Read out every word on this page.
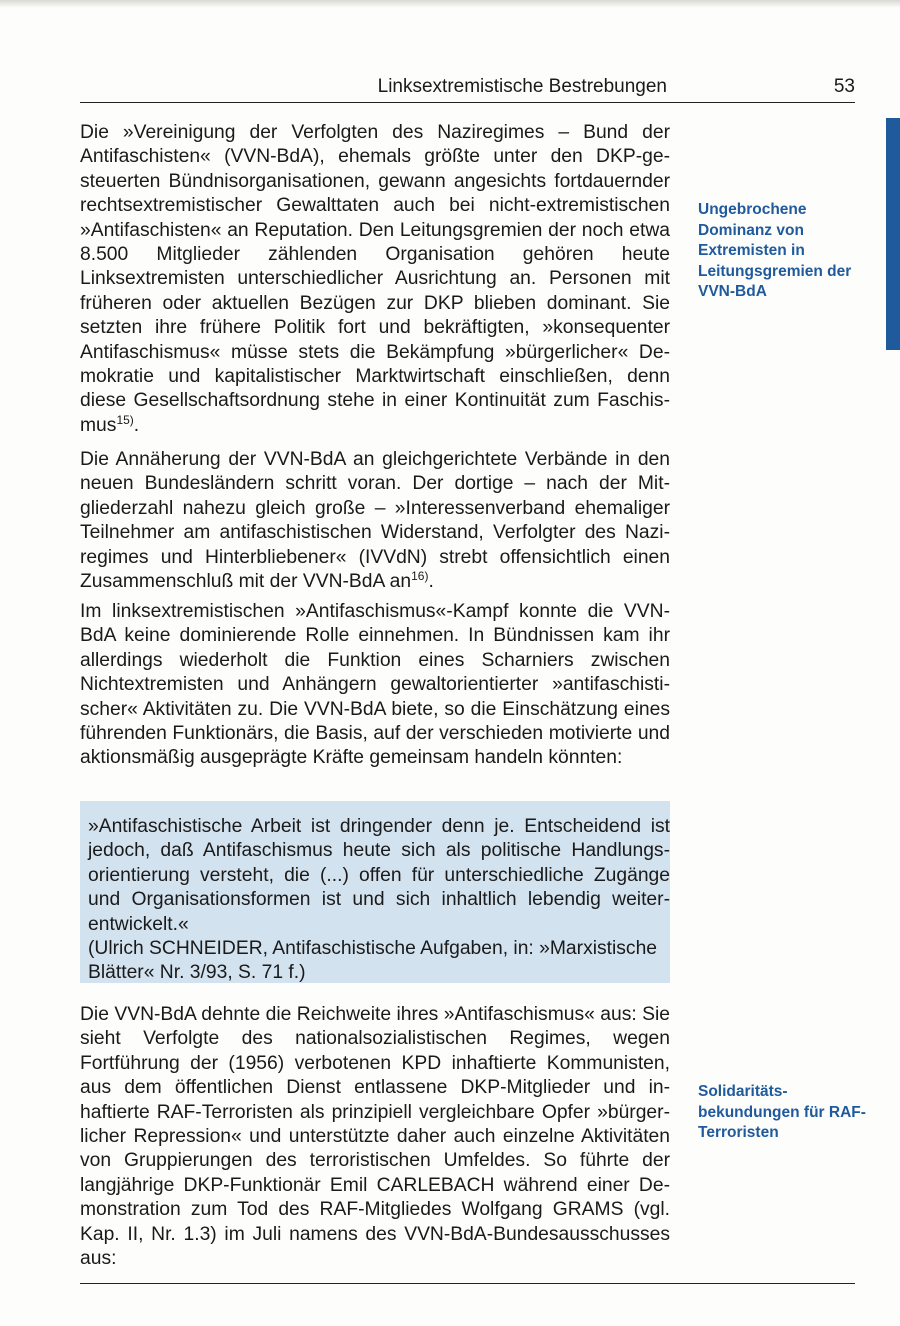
Linksextremistische Bestrebungen	53

Die »Vereinigung der Verfolgten des Naziregimes – Bund der Antifaschisten« (VVN-BdA), ehemals größte unter den DKP-gesteuerten Bündnisorganisationen, gewann angesichts fortdauernder rechtsextremistischer Gewalttaten auch bei nicht-extremistischen »Antifaschisten« an Reputation. Den Leitungsgremien der noch etwa 8.500 Mitglieder zählenden Organisation gehören heute Linksextremisten unterschiedlicher Ausrichtung an. Personen mit früheren oder aktuellen Bezügen zur DKP blieben dominant. Sie setzten ihre frühere Politik fort und bekräftigten, »konsequenter Antifaschismus« müsse stets die Bekämpfung »bürgerlicher« Demokratie und kapitalistischer Marktwirtschaft einschließen, denn diese Gesellschaftsordnung stehe in einer Kontinuität zum Faschismus$^{15)}$.

Die Annäherung der VVN-BdA an gleichgerichtete Verbände in den neuen Bundesländern schritt voran. Der dortige – nach der Mitgliederzahl nahezu gleich große – »Interessenverband ehemaliger Teilnehmer am antifaschistischen Widerstand, Verfolgter des Naziregimes und Hinterbliebener« (IVVdN) strebt offensichtlich einen Zusammenschluß mit der VVN-BdA $an^{16)}$.

Im linksextremistischen »Antifaschismus«-Kampf konnte die VVN-BdA keine dominierende Rolle einnehmen. In Bündnissen kam ihr allerdings wiederholt die Funktion eines Scharniers zwischen Nichtextremisten und Anhängern gewaltorientierter »antifaschistischer« Aktivitäten zu. Die VVN-BdA biete, so die Einschätzung eines führenden Funktionärs, die Basis, auf der verschieden motivierte und aktionsmäßig ausgeprägte Kräfte gemeinsam handeln könnten:

»Antifaschistische Arbeit ist dringender denn je. Entscheidend ist jedoch, daß Antifaschismus heute sich als politische Handlungsorientierung versteht, die (...) offen für unterschiedliche Zugänge und Organisationsformen ist und sich inhaltlich lebendig weiterentwickelt.«

(Ulrich SCHNEIDER, Antifaschistische Aufgaben, in: »Marxistische Blätter« Nr. 3/93, S. 71 f.)

Die VVN-BdA dehnte die Reichweite ihres »Antifaschismus« aus: Sie sieht Verfolgte des nationalsozialistischen Regimes, wegen Fortführung der (1956) verbotenen KPD inhaftierte Kommunisten, aus dem öffentlichen Dienst entlassene DKP-Mitglieder und inhaftierte RAF-Terroristen als prinzipiell vergleichbare Opfer »bürgerlicher Repression« und unterstützte daher auch einzelne Aktivitäten von Gruppierungen des terroristischen Umfeldes. So führte der langjährige DKP-Funktionär Emil CARLEBACH während einer Demonstration zum Tod des RAF-Mitgliedes Wolfgang GRAMS (vgl. Kap. II, Nr. 1.3) im Juli namens des VVN-BdA-Bundesausschusses aus:

Ungebrochene Dominanz von Extremisten in Leitungsgremien der VVN-BdA
Solidaritätsbekundungen für RAF-Terroristen
